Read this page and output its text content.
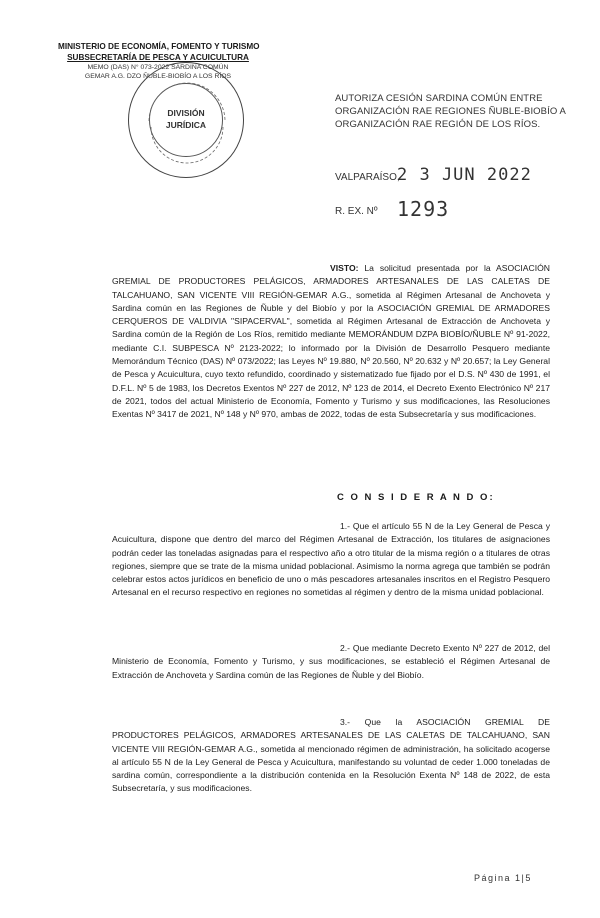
MINISTERIO DE ECONOMÍA, FOMENTO Y TURISMO
SUBSECRETARÍA DE PESCA Y ACUICULTURA
MEMO (DAS) N° 073-2022 SARDINA COMÚN
GEMAR A.G. DZO ÑUBLE-BIOBÍO A LOS RÍOS
DIVISIÓN
JURÍDICA
AUTORIZA CESIÓN SARDINA COMÚN ENTRE ORGANIZACIÓN RAE REGIONES ÑUBLE-BIOBÍO A ORGANIZACIÓN RAE REGIÓN DE LOS RÍOS.
VALPARAÍSO,
2 3 JUN 2022
R. EX. Nº 1293

VISTO: La solicitud presentada por la ASOCIACIÓN GREMIAL DE PRODUCTORES PELÁGICOS, ARMADORES ARTESANALES DE LAS CALETAS DE TALCAHUANO, SAN VICENTE VIII REGIÓN-GEMAR A.G., sometida al Régimen Artesanal de Anchoveta y Sardina común en las Regiones de Ñuble y del Biobío y por la ASOCIACIÓN GREMIAL DE ARMADORES CERQUEROS DE VALDIVIA "SIPACERVAL", sometida al Régimen Artesanal de Extracción de Anchoveta y Sardina común de la Región de Los Ríos, remitido mediante MEMORÁNDUM DZPA BIOBÍO/ÑUBLE Nº 91-2022, mediante C.I. SUBPESCA Nº 2123-2022; lo informado por la División de Desarrollo Pesquero mediante Memorándum Técnico (DAS) Nº 073/2022; las Leyes Nº 19.880, Nº 20.560, Nº 20.632 y Nº 20.657; la Ley General de Pesca y Acuicultura, cuyo texto refundido, coordinado y sistematizado fue fijado por el D.S. Nº 430 de 1991, el D.F.L. Nº 5 de 1983, los Decretos Exentos Nº 227 de 2012, Nº 123 de 2014, el Decreto Exento Electrónico Nº 217 de 2021, todos del actual Ministerio de Economía, Fomento y Turismo y sus modificaciones, las Resoluciones Exentas Nº 3417 de 2021, Nº 148 y Nº 970, ambas de 2022, todas de esta Subsecretaría y sus modificaciones.

C O N S I D E R A N D O:

1.- Que el artículo 55 N de la Ley General de Pesca y Acuicultura, dispone que dentro del marco del Régimen Artesanal de Extracción, los titulares de asignaciones podrán ceder las toneladas asignadas para el respectivo año a otro titular de la misma región o a titulares de otras regiones, siempre que se trate de la misma unidad poblacional. Asimismo la norma agrega que también se podrán celebrar estos actos jurídicos en beneficio de uno o más pescadores artesanales inscritos en el Registro Pesquero Artesanal en el recurso respectivo en regiones no sometidas al régimen y dentro de la misma unidad poblacional.

2.- Que mediante Decreto Exento Nº 227 de 2012, del Ministerio de Economía, Fomento y Turismo, y sus modificaciones, se estableció el Régimen Artesanal de Extracción de Anchoveta y Sardina común de las Regiones de Ñuble y del Biobío.

3.- Que la ASOCIACIÓN GREMIAL DE PRODUCTORES PELÁGICOS, ARMADORES ARTESANALES DE LAS CALETAS DE TALCAHUANO, SAN VICENTE VIII REGIÓN-GEMAR A.G., sometida al mencionado régimen de administración, ha solicitado acogerse al artículo 55 N de la Ley General de Pesca y Acuicultura, manifestando su voluntad de ceder 1.000 toneladas de sardina común, correspondiente a la distribución contenida en la Resolución Exenta Nº 148 de 2022, de esta Subsecretaría, y sus modificaciones.

Página 1|5
